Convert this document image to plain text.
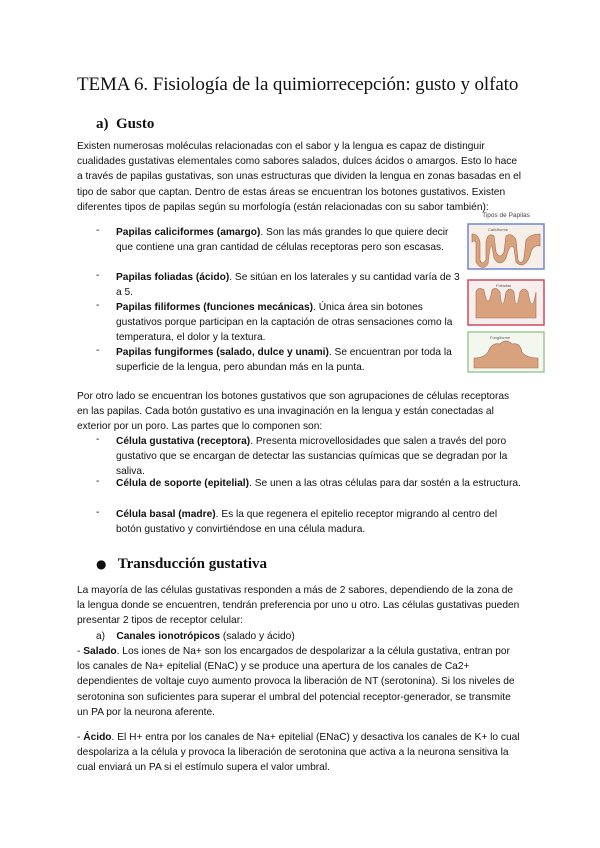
TEMA 6. Fisiología de la quimiorrecepción: gusto y olfato
a) Gusto

Existen numerosas moléculas relacionadas con el sabor y la lengua es capaz de distinguir cualidades gustativas elementales como sabores salados, dulces ácidos o amargos. Esto lo hace a través de papilas gustativas, son unas estructuras que dividen la lengua en zonas basadas en el tipo de sabor que captan. Dentro de estas áreas se encuentran los botones gustativos. Existen diferentes tipos de papilas según su morfología (están relacionadas con su sabor también):

- Papilas caliciformes (amargo). Son las más grandes lo que quiere decir que contiene una gran cantidad de células receptoras pero son escasas.
- Papilas foliadas (ácido). Se sitúan en los laterales y su cantidad varía de 3 a 5.
- Papilas filiformes (funciones mecánicas). Única área sin botones gustativos porque participan en la captación de otras sensaciones como la temperatura, el dolor y la textura.
- Papilas fungiformes (salado, dulce y unami). Se encuentran por toda la superficie de la lengua, pero abundan más en la punta.
Tipos de Papilas
Caliciforme
Foliadas
Fungiforme

Por otro lado se encuentran los botones gustativos que son agrupaciones de células receptoras en las papilas. Cada botón gustativo es una invaginación en la lengua y están conectadas al exterior por un poro. Las partes que lo componen son:

- Célula gustativa (receptora). Presenta microvellosidades que salen a través del poro gustativo que se encargan de detectar las sustancias químicas que se degradan por la saliva.
- Célula de soporte (epitelial). Se unen a las otras células para dar sostén a la estructura.
- Célula basal (madre). Es la que regenera el epitelio receptor migrando al centro del botón gustativo y convirtiéndose en una célula madura.
● Transducción gustativa

La mayoría de las células gustativas responden a más de 2 sabores, dependiendo de la zona de la lengua donde se encuentren, tendrán preferencia por uno u otro. Las células gustativas pueden presentar 2 tipos de receptor celular:

a) Canales ionotrópicos (salado y ácido)

- Salado. Los iones de Na+ son los encargados de despolarizar a la célula gustativa, entran por los canales de Na+ epitelial (ENaC) y se produce una apertura de los canales de Ca2+ dependientes de voltaje cuyo aumento provoca la liberación de NT (serotonina). Si los niveles de serotonina son suficientes para superar el umbral del potencial receptor-generador, se transmite un PA por la neurona aferente.

- Ácido. El H+ entra por los canales de Na+ epitelial (ENaC) y desactiva los canales de K+ lo cual despolariza a la célula y provoca la liberación de serotonina que activa a la neurona sensitiva la cual enviará un PA si el estímulo supera el valor umbral.
